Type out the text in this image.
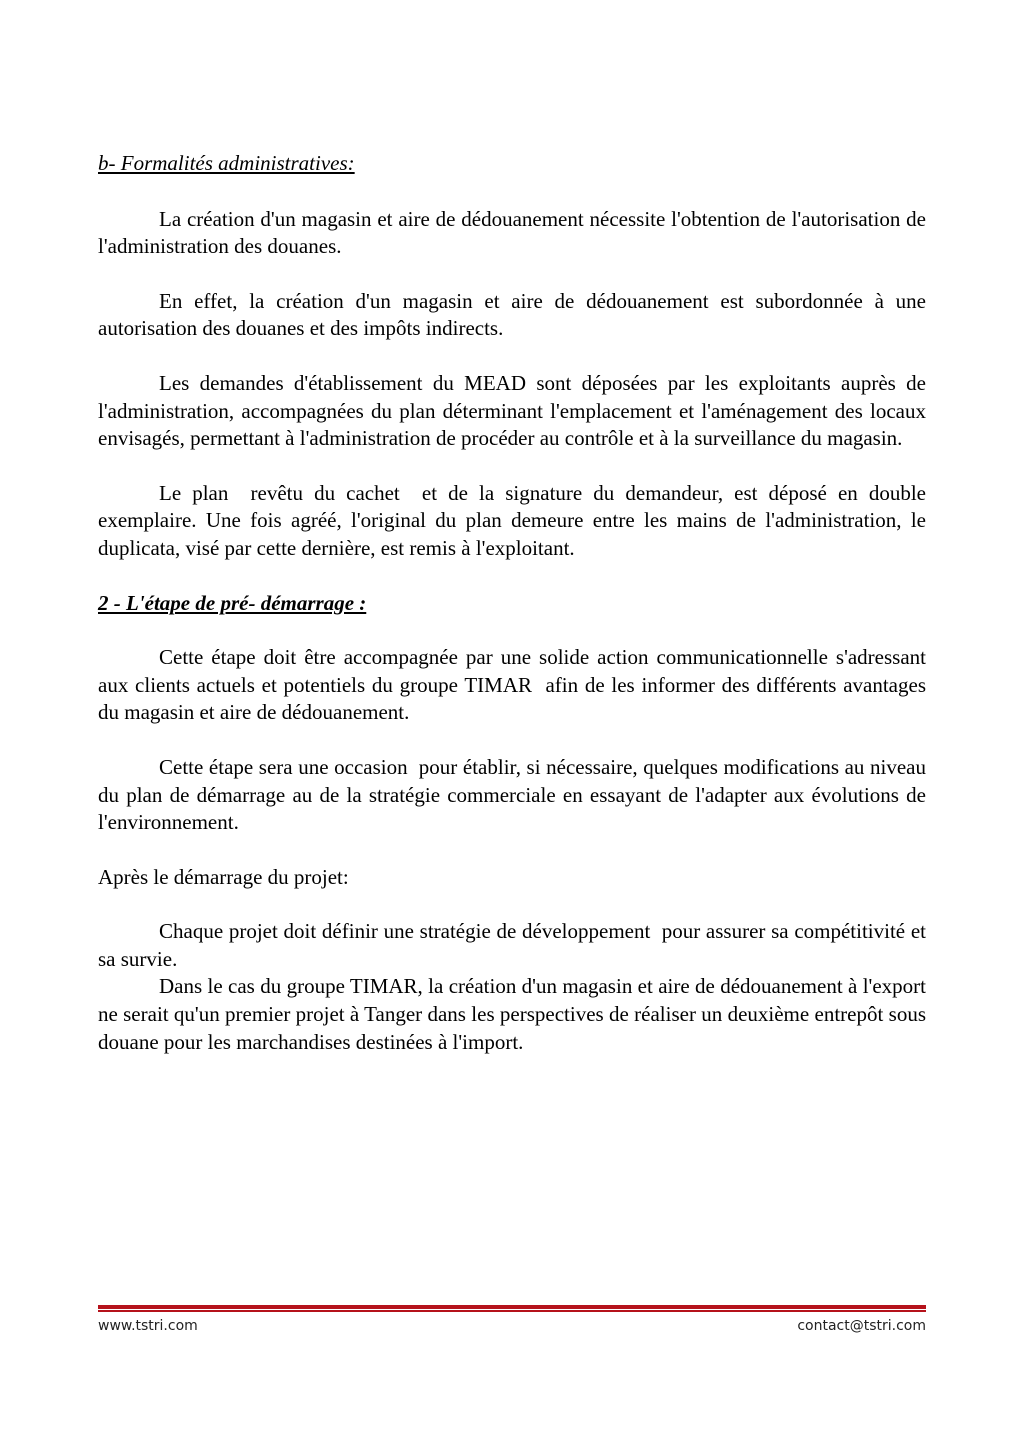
b- Formalités administratives:

La création d'un magasin et aire de dédouanement nécessite l'obtention de l'autorisation de l'administration des douanes.

En effet, la création d'un magasin et aire de dédouanement est subordonnée à une autorisation des douanes et des impôts indirects.

Les demandes d'établissement du MEAD sont déposées par les exploitants auprès de l'administration, accompagnées du plan déterminant l'emplacement et l'aménagement des locaux envisagés, permettant à l'administration de procéder au contrôle et à la surveillance du magasin.

Le plan  revêtu du cachet  et de la signature du demandeur, est déposé en double exemplaire. Une fois agréé, l'original du plan demeure entre les mains de l'administration, le duplicata, visé par cette dernière, est remis à l'exploitant.

2 - L'étape de pré- démarrage :

Cette étape doit être accompagnée par une solide action communicationnelle s'adressant aux clients actuels et potentiels du groupe TIMAR  afin de les informer des différents avantages du magasin et aire de dédouanement.

Cette étape sera une occasion  pour établir, si nécessaire, quelques modifications au niveau du plan de démarrage au de la stratégie commerciale en essayant de l'adapter aux évolutions de l'environnement.

Après le démarrage du projet:

Chaque projet doit définir une stratégie de développement  pour assurer sa compétitivité et sa survie.

Dans le cas du groupe TIMAR, la création d'un magasin et aire de dédouanement à l'export ne serait qu'un premier projet à Tanger dans les perspectives de réaliser un deuxième entrepôt sous douane pour les marchandises destinées à l'import.

www.tstri.com	contact@tstri.com
